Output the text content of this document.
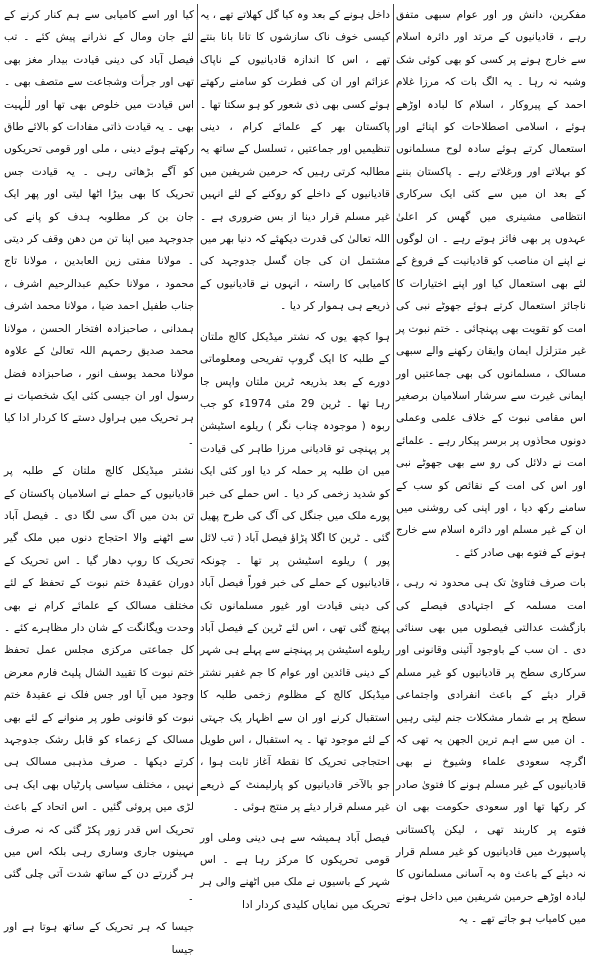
مفکرین، دانش ور اور عوام سبھی متفق رہے ، قادیانیوں کے مرتد اور دائرہ اسلام سے خارج ہونے پر کسی کو بھی کوئی شک وشبہ نہ رہا ۔ یہ الگ بات کہ مرزا غلام احمد کے پیروکار ، اسلام کا لبادہ اوڑھے ہوئے ، اسلامی اصطلاحات کو اپنائے اور استعمال کرتے ہوئے سادہ لوح مسلمانوں کو بہلاتے اور ورغلاتے رہے ۔ پاکستان بننے کے بعد ان میں سے کئی ایک سرکاری انتظامی مشینری میں گھس کر اعلیٰ عہدوں پر بھی فائز ہوتے رہے ۔ ان لوگوں نے اپنے ان مناصب کو قادیانیت کے فروغ کے لئے بھی استعمال کیا اور اپنے اختیارات کا ناجائز استعمال کرتے ہوئے جھوٹے نبی کی امت کو تقویت بھی پہنچائی ۔ ختم نبوت پر غیر متزلزل ایمان وایقان رکھنے والے سبھی مسالک ، مسلمانوں کی بھی جماعتیں اور ایمانی غیرت سے سرشار اسلامیان برصغیر اس مقامی نبوت کے خلاف علمی وعملی دونوں محاذوں پر برسر پیکار رہے ۔ علمائے امت نے دلائل کی رو سے بھی جھوٹے نبی اور اس کی امت کے نقائص کو سب کے سامنے رکھ دیا ، اور اپنی کی روشنی میں ان کے غیر مسلم اور دائرہ اسلام سے خارج ہونے کے فتوے بھی صادر کئے ۔

بات صرف فتاویٰ تک ہی محدود نہ رہی ، امت مسلمہ کے اجتہادی فیصلے کی بازگشت عدالتی فیصلوں میں بھی سنائی دی ۔ ان سب کے باوجود آئینی وقانونی اور سرکاری سطح پر قادیانیوں کو غیر مسلم قرار دیئے کے باعث انفرادی واجتماعی سطح پر بے شمار مشکلات جنم لیتی رہیں ۔ ان میں سے اہم ترین الجھن یہ تھی کہ اگرچہ سعودی علماء وشیوخ نے بھی قادیانیوں کے غیر مسلم ہونے کا فتویٰ صادر کر رکھا تھا اور سعودی حکومت بھی ان فتوے پر کاربند تھی ، لیکن پاکستانی پاسپورٹ میں قادیانیوں کو غیر مسلم قرار نہ دیئے کے باعث وہ بہ آسانی مسلمانوں کا لبادہ اوڑھے حرمین شریفین میں داخل ہونے میں کامیاب ہو جاتے تھے ۔ یہ

داخل ہونے کے بعد وہ کیا گل کھلاتے تھے ، یہ کیسی خوف ناک سازشوں کا تانا بانا بنتے تھے ، اس کا اندازہ قادیانیوں کے ناپاک عزائم اور ان کی فطرت کو سامنے رکھتے ہوئے کسی بھی ذی شعور کو ہو سکتا تھا ۔ پاکستان بھر کے علمائے کرام ، دینی تنظیمیں اور جماعتیں ، تسلسل کے ساتھ یہ مطالبہ کرتی رہیں کہ حرمین شریفین میں قادیانیوں کے داخلے کو روکنے کے لئے انہیں غیر مسلم قرار دینا از بس ضروری ہے ۔ اللہ تعالیٰ کی قدرت دیکھئے کہ دنیا بھر میں مشتمل ان کی جان گسل جدوجہد کی کامیابی کا راستہ ، انہوں نے قادیانیوں کے ذریعے ہی ہموار کر دیا ۔

ہوا کچھ یوں کہ نشتر میڈیکل کالج ملتان کے طلبہ کا ایک گروپ تفریحی ومعلوماتی دورے کے بعد بذریعہ ٹرین ملتان واپس جا رہا تھا ۔ ٹرین 29 مئی 1974ء کو جب ربوہ ( موجودہ چناب نگر ) ریلوے اسٹیشن پر پہنچی تو قادیانی مرزا طاہر کی قیادت میں ان طلبہ پر حملہ کر دیا اور کئی ایک کو شدید زخمی کر دیا ۔ اس حملے کی خبر پورے ملک میں جنگل کی آگ کی طرح پھیل گئی ۔ ٹرین کا اگلا پڑاؤ فیصل آباد ( تب لائل پور ) ریلوے اسٹیشن پر تھا ۔ چونکہ قادیانیوں کے حملے کی خبر فوراً فیصل آباد کی دینی قیادت اور غیور مسلمانوں تک پہنچ گئی تھی ، اس لئے ٹرین کے فیصل آباد ریلوے اسٹیشن پر پہنچنے سے پہلے ہی شہر کے دینی قائدین اور عوام کا جم غفیر نشتر میڈیکل کالج کے مظلوم زخمی طلبہ کا استقبال کرنے اور ان سے اظہار یک جہتی کے لئے موجود تھا ۔ یہ استقبال ، اس طویل احتجاجی تحریک کا نقطۂ آغاز ثابت ہوا ، جو بالآخر قادیانیوں کو پارلیمنٹ کے ذریعے غیر مسلم قرار دیئے پر منتج ہوئی ۔

فیصل آباد ہمیشہ سے ہی دینی وملی اور قومی تحریکوں کا مرکز رہا ہے ۔ اس شہر کے باسیوں نے ملک میں اٹھنے والی ہر تحریک میں نمایاں کلیدی کردار ادا

کیا اور اسے کامیابی سے ہم کنار کرنے کے لئے جان ومال کے نذرانے پیش کئے ۔ تب فیصل آباد کی دینی قیادت بیدار مغز بھی تھی اور جرأت وشجاعت سے متصف بھی ۔ اس قیادت میں خلوص بھی تھا اور للٰہیت بھی ۔ یہ قیادت ذاتی مفادات کو بالائے طاق رکھتے ہوئے دینی ، ملی اور قومی تحریکوں کو آگے بڑھاتی رہی ۔ یہ قیادت جس تحریک کا بھی بیڑا اٹھا لیتی اور پھر ایک جان بن کر مطلوبہ ہدف کو پانے کی جدوجہد میں اپنا تن من دھن وقف کر دیتی ۔ مولانا مفتی زین العابدین ، مولانا تاج محمود ، مولانا حکیم عبدالرحیم اشرف ، جناب طفیل احمد ضیا ، مولانا محمد اشرف ہمدانی ، صاحبزادہ افتخار الحسن ، مولانا محمد صدیق رحمہم اللہ تعالیٰ کے علاوہ مولانا محمد یوسف انور ، صاحبزادہ فضل رسول اور ان جیسی کئی ایک شخصیات نے ہر تحریک میں ہراول دستے کا کردار ادا کیا ۔

نشتر میڈیکل کالج ملتان کے طلبہ پر قادیانیوں کے حملے نے اسلامیان پاکستان کے تن بدن میں آگ سی لگا دی ۔ فیصل آباد سے اٹھنے والا احتجاج دنوں میں ملک گیر تحریک کا روپ دھار گیا ۔ اس تحریک کے دوران عقیدۂ ختم نبوت کے تحفظ کے لئے مختلف مسالک کے علمائے کرام نے بھی وحدت ویگانگت کے شان دار مظاہرے کئے ۔ کل جماعتی مرکزی مجلس عمل تحفظ ختم نبوت کا تقیید الشال پلیٹ فارم معرض وجود میں آیا اور جس فلک نے عقیدۂ ختم نبوت کو قانونی طور پر منوانے کے لئے بھی مسالک کے زعماء کو قابل رشک جدوجہد کرتے دیکھا ۔ صرف مذہبی مسالک ہی نہیں ، مختلف سیاسی پارٹیاں بھی ایک ہی لڑی میں پروئی گئیں ۔ اس اتحاد کے باعث تحریک اس قدر زور پکڑ گئی کہ نہ صرف مہینوں جاری وساری رہی بلکہ اس میں ہر گزرتے دن کے ساتھ شدت آتی چلی گئی ۔

جیسا کہ ہر تحریک کے ساتھ ہوتا ہے اور جیسا
